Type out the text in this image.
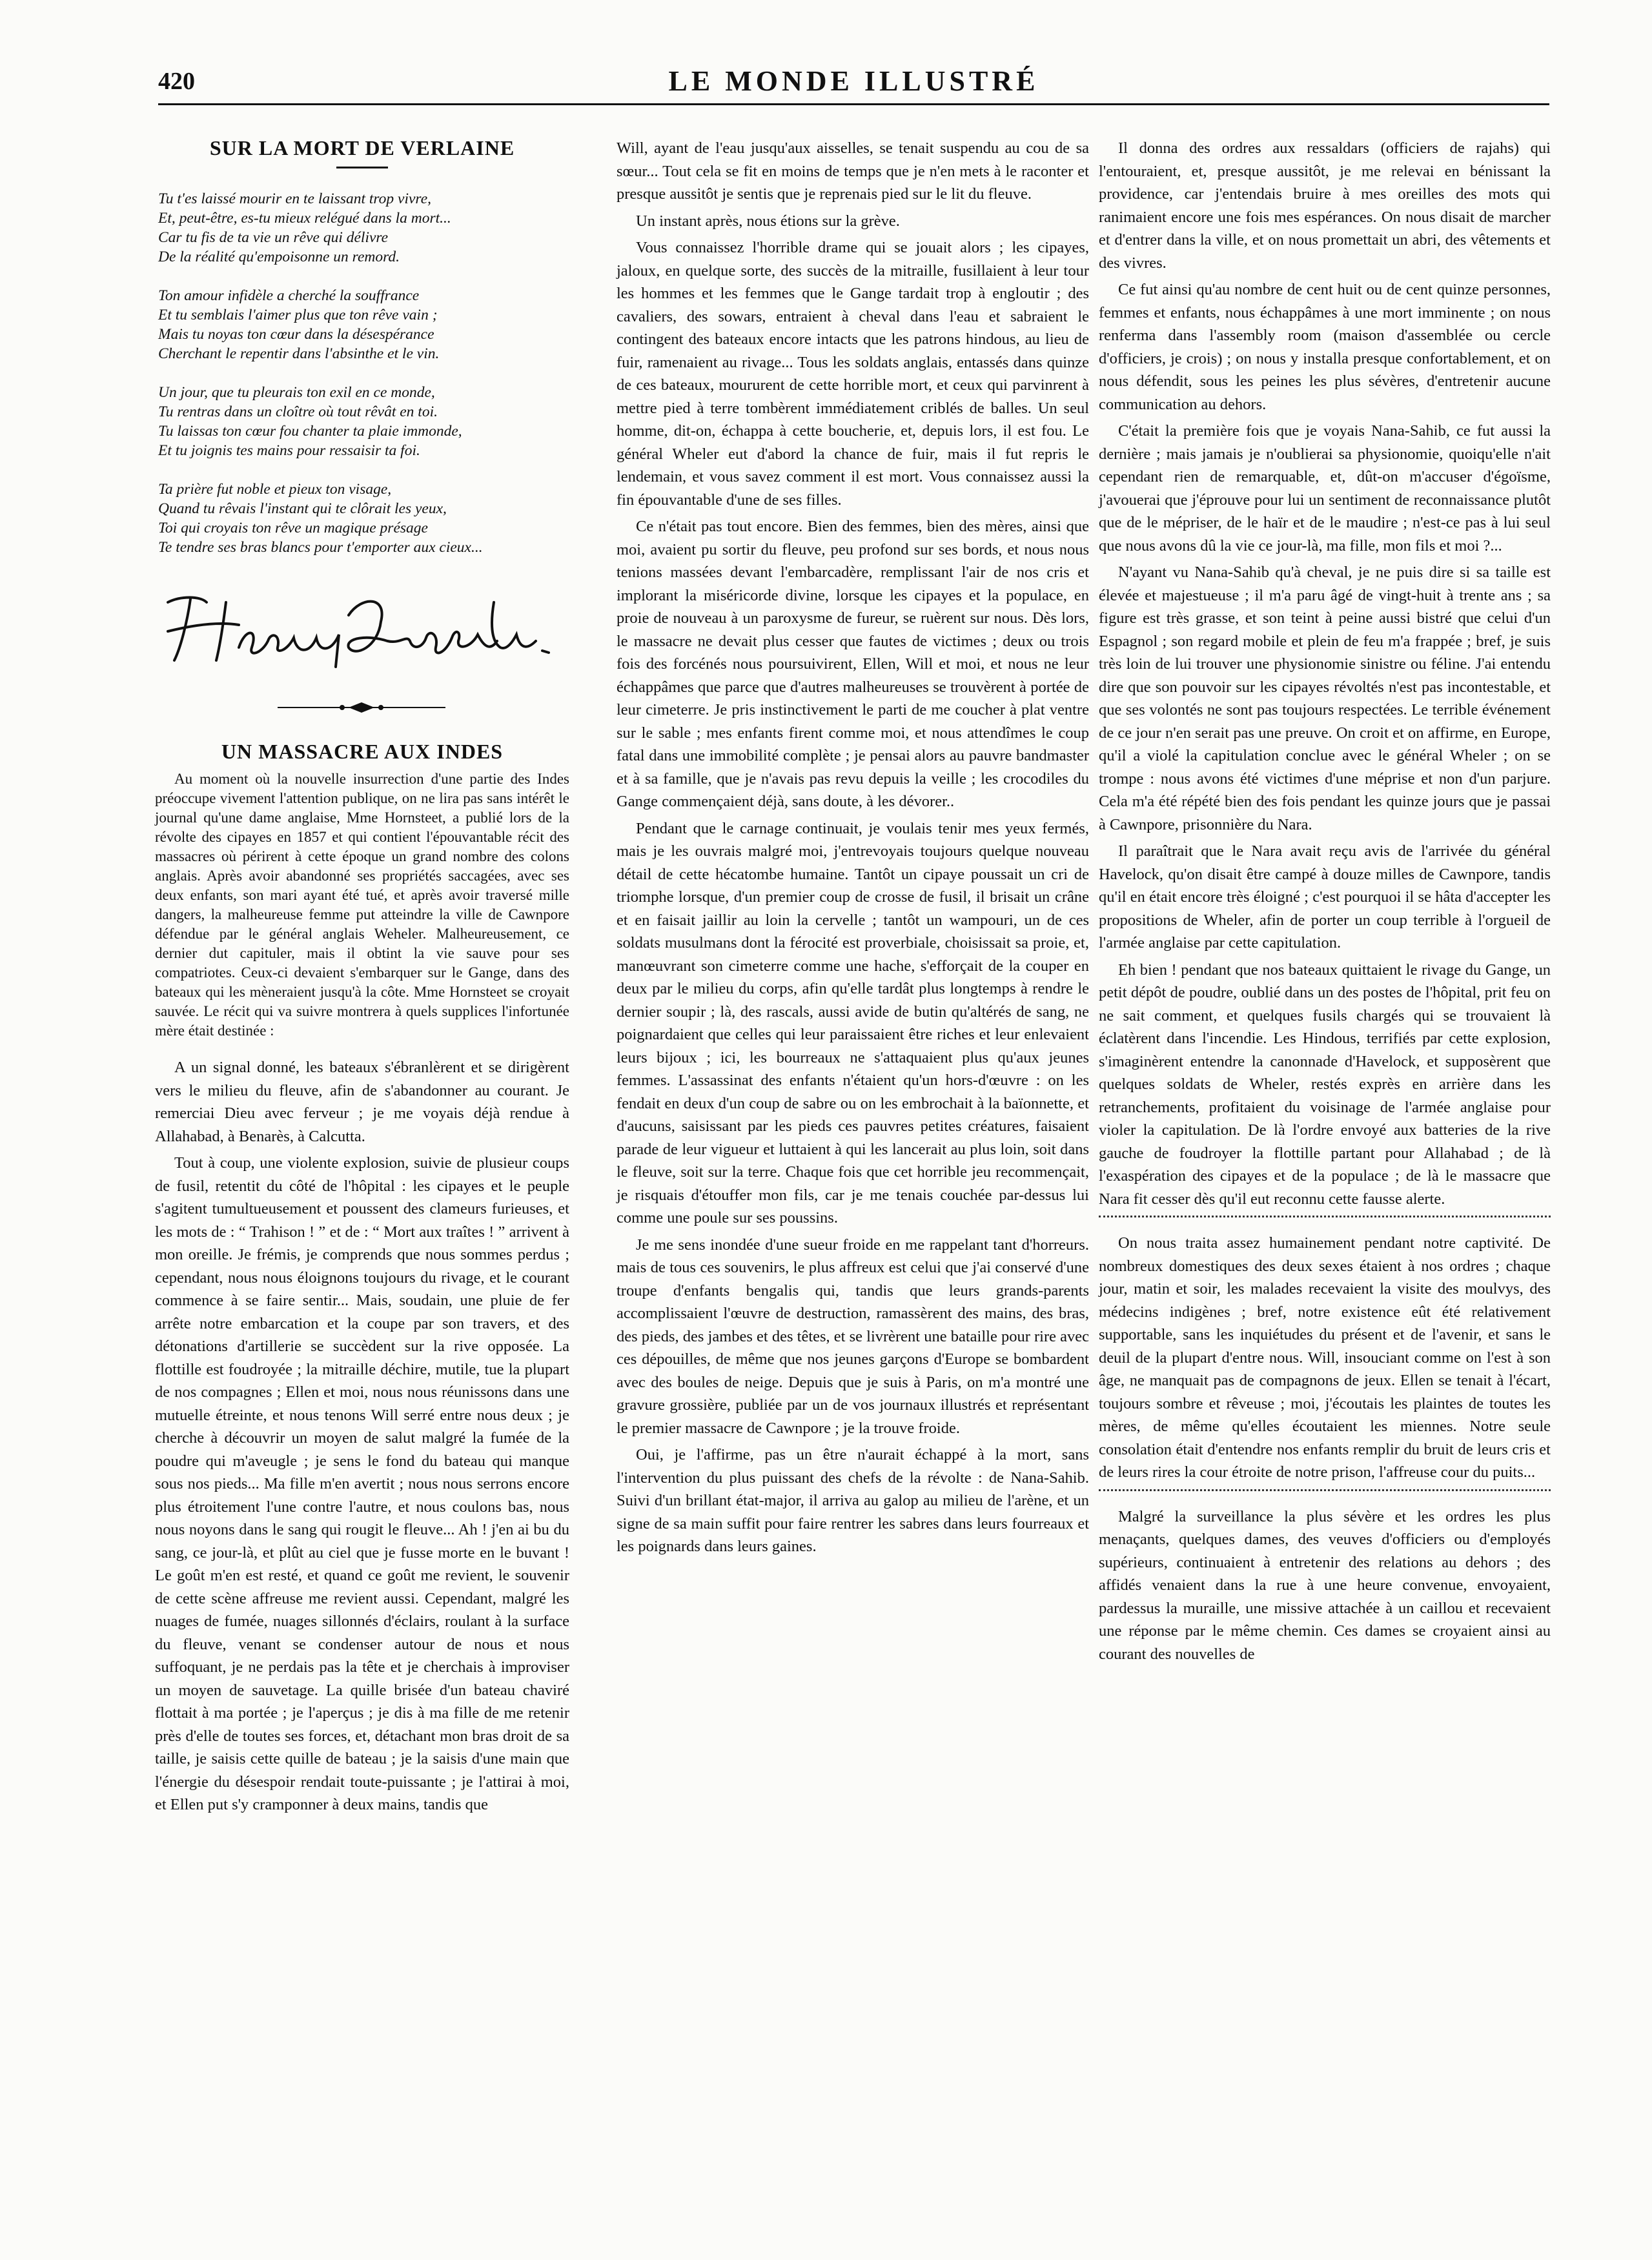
420	LE MONDE ILLUSTRÉ
SUR LA MORT DE VERLAINE
Tu t'es laissé mourir en te laissant trop vivre,
Et, peut-être, es-tu mieux relégué dans la mort...
Car tu fis de ta vie un rêve qui délivre
De la réalité qu'empoisonne un remord.
Ton amour infidèle a cherché la souffrance
Et tu semblais l'aimer plus que ton rêve vain ;
Mais tu noyas ton cœur dans la désespérance
Cherchant le repentir dans l'absinthe et le vin.
Un jour, que tu pleurais ton exil en ce monde,
Tu rentras dans un cloître où tout rêvât en toi.
Tu laissas ton cœur fou chanter ta plaie immonde,
Et tu joignis tes mains pour ressaisir ta foi.
Ta prière fut noble et pieux ton visage,
Quand tu rêvais l'instant qui te clôrait les yeux,
Toi qui croyais ton rêve un magique présage
Te tendre ses bras blancs pour t'emporter aux cieux...
UN MASSACRE AUX INDES

Au moment où la nouvelle insurrection d'une partie des Indes préoccupe vivement l'attention publique, on ne lira pas sans intérêt le journal qu'une dame anglaise, Mme Hornsteet, a publié lors de la révolte des cipayes en 1857 et qui contient l'épouvantable récit des massacres où périrent à cette époque un grand nombre des colons anglais. Après avoir abandonné ses propriétés saccagées, avec ses deux enfants, son mari ayant été tué, et après avoir traversé mille dangers, la malheureuse femme put atteindre la ville de Cawnpore défendue par le général anglais Weheler. Malheureusement, ce dernier dut capituler, mais il obtint la vie sauve pour ses compatriotes. Ceux-ci devaient s'embarquer sur le Gange, dans des bateaux qui les mèneraient jusqu'à la côte. Mme Hornsteet se croyait sauvée. Le récit qui va suivre montrera à quels supplices l'infortunée mère était destinée :

A un signal donné, les bateaux s'ébranlèrent et se dirigèrent vers le milieu du fleuve, afin de s'abandonner au courant. Je remerciai Dieu avec ferveur ; je me voyais déjà rendue à Allahabad, à Benarès, à Calcutta.

Tout à coup, une violente explosion, suivie de plusieur coups de fusil, retentit du côté de l'hôpital : les cipayes et le peuple s'agitent tumultueusement et poussent des clameurs furieuses, et les mots de : “ Trahison ! ” et de : “ Mort aux traîtes ! ” arrivent à mon oreille. Je frémis, je comprends que nous sommes perdus ; cependant, nous nous éloignons toujours du rivage, et le courant commence à se faire sentir... Mais, soudain, une pluie de fer arrête notre embarcation et la coupe par son travers, et des détonations d'artillerie se succèdent sur la rive opposée. La flottille est foudroyée ; la mitraille déchire, mutile, tue la plupart de nos compagnes ; Ellen et moi, nous nous réunissons dans une mutuelle étreinte, et nous tenons Will serré entre nous deux ; je cherche à découvrir un moyen de salut malgré la fumée de la poudre qui m'aveugle ; je sens le fond du bateau qui manque sous nos pieds... Ma fille m'en avertit ; nous nous serrons encore plus étroitement l'une contre l'autre, et nous coulons bas, nous nous noyons dans le sang qui rougit le fleuve... Ah ! j'en ai bu du sang, ce jour-là, et plût au ciel que je fusse morte en le buvant ! Le goût m'en est resté, et quand ce goût me revient, le souvenir de cette scène affreuse me revient aussi. Cependant, malgré les nuages de fumée, nuages sillonnés d'éclairs, roulant à la surface du fleuve, venant se condenser autour de nous et nous suffoquant, je ne perdais pas la tête et je cherchais à improviser un moyen de sauvetage. La quille brisée d'un bateau chaviré flottait à ma portée ; je l'aperçus ; je dis à ma fille de me retenir près d'elle de toutes ses forces, et, détachant mon bras droit de sa taille, je saisis cette quille de bateau ; je la saisis d'une main que l'énergie du désespoir rendait toute-puissante ; je l'attirai à moi, et Ellen put s'y cramponner à deux mains, tandis que

Will, ayant de l'eau jusqu'aux aisselles, se tenait suspendu au cou de sa sœur... Tout cela se fit en moins de temps que je n'en mets à le raconter et presque aussitôt je sentis que je reprenais pied sur le lit du fleuve.

Un instant après, nous étions sur la grève.

Vous connaissez l'horrible drame qui se jouait alors ; les cipayes, jaloux, en quelque sorte, des succès de la mitraille, fusillaient à leur tour les hommes et les femmes que le Gange tardait trop à engloutir ; des cavaliers, des sowars, entraient à cheval dans l'eau et sabraient le contingent des bateaux encore intacts que les patrons hindous, au lieu de fuir, ramenaient au rivage... Tous les soldats anglais, entassés dans quinze de ces bateaux, moururent de cette horrible mort, et ceux qui parvinrent à mettre pied à terre tombèrent immédiatement criblés de balles. Un seul homme, dit-on, échappa à cette boucherie, et, depuis lors, il est fou. Le général Wheler eut d'abord la chance de fuir, mais il fut repris le lendemain, et vous savez comment il est mort. Vous connaissez aussi la fin épouvantable d'une de ses filles.

Ce n'était pas tout encore. Bien des femmes, bien des mères, ainsi que moi, avaient pu sortir du fleuve, peu profond sur ses bords, et nous nous tenions massées devant l'embarcadère, remplissant l'air de nos cris et implorant la miséricorde divine, lorsque les cipayes et la populace, en proie de nouveau à un paroxysme de fureur, se ruèrent sur nous. Dès lors, le massacre ne devait plus cesser que fautes de victimes ; deux ou trois fois des forcénés nous poursuivirent, Ellen, Will et moi, et nous ne leur échappâmes que parce que d'autres malheureuses se trouvèrent à portée de leur cimeterre. Je pris instinctivement le parti de me coucher à plat ventre sur le sable ; mes enfants firent comme moi, et nous attendîmes le coup fatal dans une immobilité complète ; je pensai alors au pauvre bandmaster et à sa famille, que je n'avais pas revu depuis la veille ; les crocodiles du Gange commençaient déjà, sans doute, à les dévorer..

Pendant que le carnage continuait, je voulais tenir mes yeux fermés, mais je les ouvrais malgré moi, j'entrevoyais toujours quelque nouveau détail de cette hécatombe humaine. Tantôt un cipaye poussait un cri de triomphe lorsque, d'un premier coup de crosse de fusil, il brisait un crâne et en faisait jaillir au loin la cervelle ; tantôt un wampouri, un de ces soldats musulmans dont la férocité est proverbiale, choisissait sa proie, et, manœuvrant son cimeterre comme une hache, s'efforçait de la couper en deux par le milieu du corps, afin qu'elle tardât plus longtemps à rendre le dernier soupir ; là, des rascals, aussi avide de butin qu'altérés de sang, ne poignardaient que celles qui leur paraissaient être riches et leur enlevaient leurs bijoux ; ici, les bourreaux ne s'attaquaient plus qu'aux jeunes femmes. L'assassinat des enfants n'étaient qu'un hors-d'œuvre : on les fendait en deux d'un coup de sabre ou on les embrochait à la baïonnette, et d'aucuns, saisissant par les pieds ces pauvres petites créatures, faisaient parade de leur vigueur et luttaient à qui les lancerait au plus loin, soit dans le fleuve, soit sur la terre. Chaque fois que cet horrible jeu recommençait, je risquais d'étouffer mon fils, car je me tenais couchée par-dessus lui comme une poule sur ses poussins.

Je me sens inondée d'une sueur froide en me rappelant tant d'horreurs. mais de tous ces souvenirs, le plus affreux est celui que j'ai conservé d'une troupe d'enfants bengalis qui, tandis que leurs grands-parents accomplissaient l'œuvre de destruction, ramassèrent des mains, des bras, des pieds, des jambes et des têtes, et se livrèrent une bataille pour rire avec ces dépouilles, de même que nos jeunes garçons d'Europe se bombardent avec des boules de neige. Depuis que je suis à Paris, on m'a montré une gravure grossière, publiée par un de vos journaux illustrés et représentant le premier massacre de Cawnpore ; je la trouve froide.

Oui, je l'affirme, pas un être n'aurait échappé à la mort, sans l'intervention du plus puissant des chefs de la révolte : de Nana-Sahib. Suivi d'un brillant état-major, il arriva au galop au milieu de l'arène, et un signe de sa main suffit pour faire rentrer les sabres dans leurs fourreaux et les poignards dans leurs gaines.

Il donna des ordres aux ressaldars (officiers de rajahs) qui l'entouraient, et, presque aussitôt, je me relevai en bénissant la providence, car j'entendais bruire à mes oreilles des mots qui ranimaient encore une fois mes espérances. On nous disait de marcher et d'entrer dans la ville, et on nous promettait un abri, des vêtements et des vivres.

Ce fut ainsi qu'au nombre de cent huit ou de cent quinze personnes, femmes et enfants, nous échappâmes à une mort imminente ; on nous renferma dans l'assembly room (maison d'assemblée ou cercle d'officiers, je crois) ; on nous y installa presque confortablement, et on nous défendit, sous les peines les plus sévères, d'entretenir aucune communication au dehors.

C'était la première fois que je voyais Nana-Sahib, ce fut aussi la dernière ; mais jamais je n'oublierai sa physionomie, quoiqu'elle n'ait cependant rien de remarquable, et, dût-on m'accuser d'égoïsme, j'avouerai que j'éprouve pour lui un sentiment de reconnaissance plutôt que de le mépriser, de le haïr et de le maudire ; n'est-ce pas à lui seul que nous avons dû la vie ce jour-là, ma fille, mon fils et moi ?...

N'ayant vu Nana-Sahib qu'à cheval, je ne puis dire si sa taille est élevée et majestueuse ; il m'a paru âgé de vingt-huit à trente ans ; sa figure est très grasse, et son teint à peine aussi bistré que celui d'un Espagnol ; son regard mobile et plein de feu m'a frappée ; bref, je suis très loin de lui trouver une physionomie sinistre ou féline. J'ai entendu dire que son pouvoir sur les cipayes révoltés n'est pas incontestable, et que ses volontés ne sont pas toujours respectées. Le terrible événement de ce jour n'en serait pas une preuve. On croit et on affirme, en Europe, qu'il a violé la capitulation conclue avec le général Wheler ; on se trompe : nous avons été victimes d'une méprise et non d'un parjure. Cela m'a été répété bien des fois pendant les quinze jours que je passai à Cawnpore, prisonnière du Nara.

Il paraîtrait que le Nara avait reçu avis de l'arrivée du général Havelock, qu'on disait être campé à douze milles de Cawnpore, tandis qu'il en était encore très éloigné ; c'est pourquoi il se hâta d'accepter les propositions de Wheler, afin de porter un coup terrible à l'orgueil de l'armée anglaise par cette capitulation.

Eh bien ! pendant que nos bateaux quittaient le rivage du Gange, un petit dépôt de poudre, oublié dans un des postes de l'hôpital, prit feu on ne sait comment, et quelques fusils chargés qui se trouvaient là éclatèrent dans l'incendie. Les Hindous, terrifiés par cette explosion, s'imaginèrent entendre la canonnade d'Havelock, et supposèrent que quelques soldats de Wheler, restés exprès en arrière dans les retranchements, profitaient du voisinage de l'armée anglaise pour violer la capitulation. De là l'ordre envoyé aux batteries de la rive gauche de foudroyer la flottille partant pour Allahabad ; de là l'exaspération des cipayes et de la populace ; de là le massacre que Nara fit cesser dès qu'il eut reconnu cette fausse alerte.

On nous traita assez humainement pendant notre captivité. De nombreux domestiques des deux sexes étaient à nos ordres ; chaque jour, matin et soir, les malades recevaient la visite des moulvys, des médecins indigènes ; bref, notre existence eût été relativement supportable, sans les inquiétudes du présent et de l'avenir, et sans le deuil de la plupart d'entre nous. Will, insouciant comme on l'est à son âge, ne manquait pas de compagnons de jeux. Ellen se tenait à l'écart, toujours sombre et rêveuse ; moi, j'écoutais les plaintes de toutes les mères, de même qu'elles écoutaient les miennes. Notre seule consolation était d'entendre nos enfants remplir du bruit de leurs cris et de leurs rires la cour étroite de notre prison, l'affreuse cour du puits...

Malgré la surveillance la plus sévère et les ordres les plus menaçants, quelques dames, des veuves d'officiers ou d'employés supérieurs, continuaient à entretenir des relations au dehors ; des affidés venaient dans la rue à une heure convenue, envoyaient, pardessus la muraille, une missive attachée à un caillou et recevaient une réponse par le même chemin. Ces dames se croyaient ainsi au courant des nouvelles de
